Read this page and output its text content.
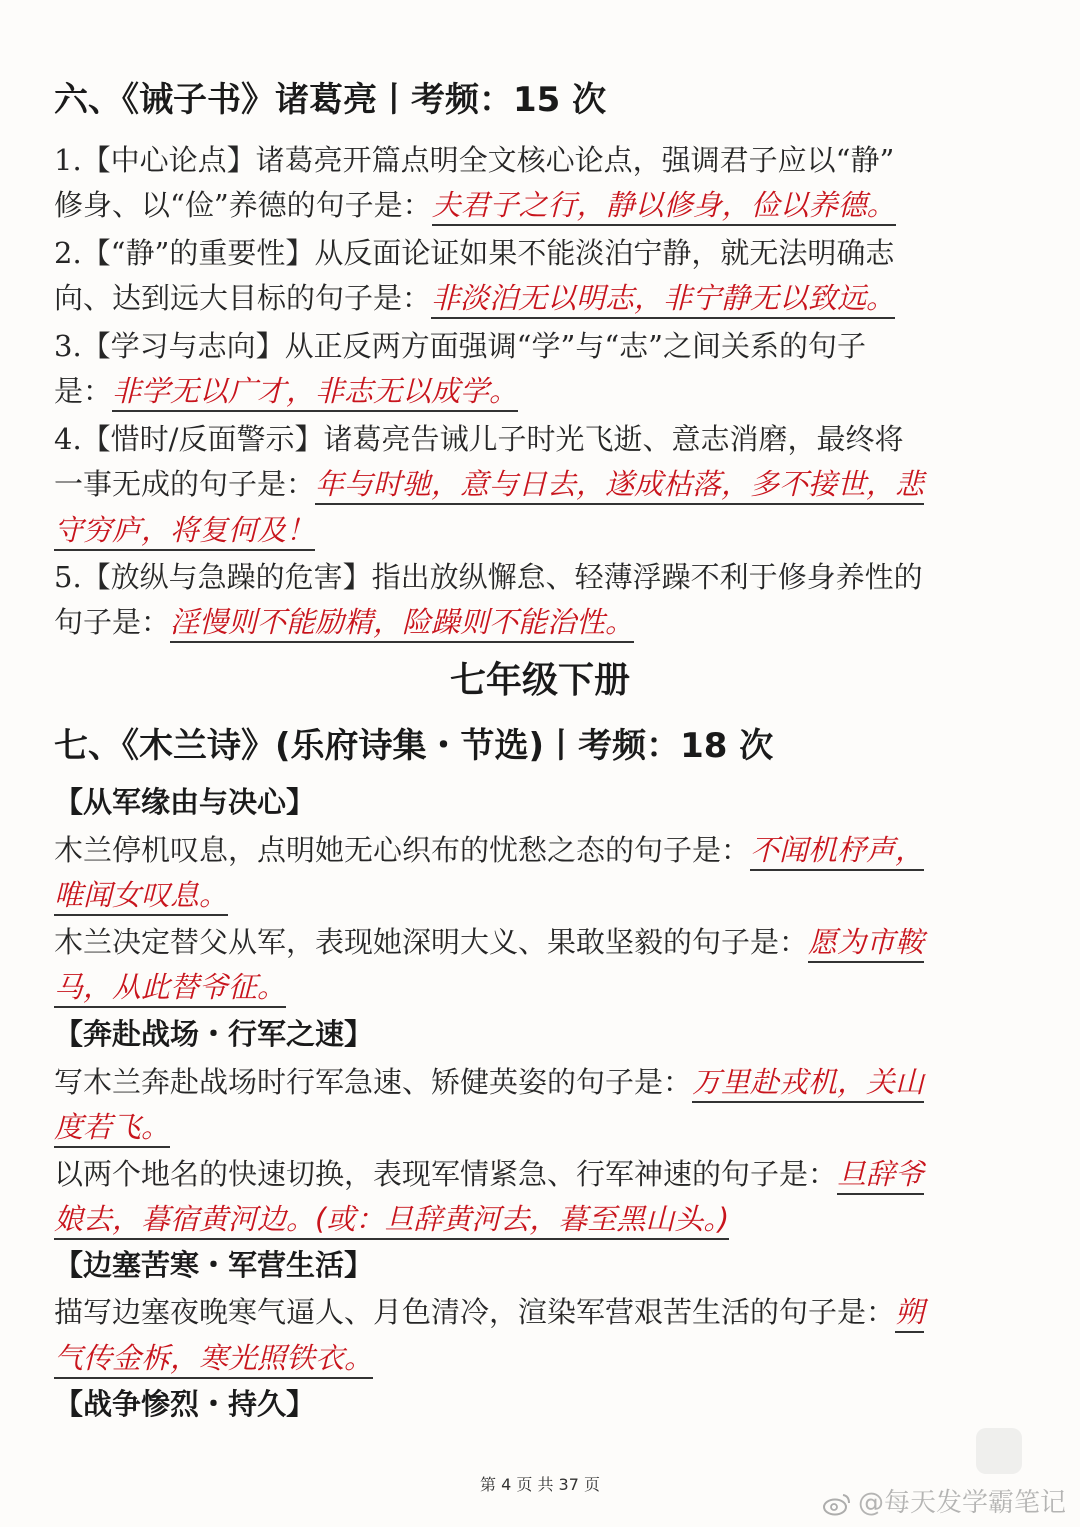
六、《诫子书》诸葛亮丨考频：15 次
1.【中心论点】诸葛亮开篇点明全文核心论点，强调君子应以“静”
修身、以“俭”养德的句子是：夫君子之行，静以修身，俭以养德。
2.【“静”的重要性】从反面论证如果不能淡泊宁静，就无法明确志
向、达到远大目标的句子是：非淡泊无以明志，非宁静无以致远。
3.【学习与志向】从正反两方面强调“学”与“志”之间关系的句子
是：非学无以广才，非志无以成学。
4.【惜时/反面警示】诸葛亮告诫儿子时光飞逝、意志消磨，最终将
一事无成的句子是：年与时驰，意与日去，遂成枯落，多不接世，悲
守穷庐，将复何及！
5.【放纵与急躁的危害】指出放纵懈怠、轻薄浮躁不利于修身养性的
句子是：淫慢则不能励精，险躁则不能治性。
七年级下册
七、《木兰诗》(乐府诗集・节选)丨考频：18 次
【从军缘由与决心】
木兰停机叹息，点明她无心织布的忧愁之态的句子是：不闻机杼声，
唯闻女叹息。
木兰决定替父从军，表现她深明大义、果敢坚毅的句子是：愿为市鞍
马，从此替爷征。
【奔赴战场・行军之速】
写木兰奔赴战场时行军急速、矫健英姿的句子是：万里赴戎机，关山
度若飞。
以两个地名的快速切换，表现军情紧急、行军神速的句子是：旦辞爷
娘去，暮宿黄河边。(或：旦辞黄河去，暮至黑山头。)
【边塞苦寒・军营生活】
描写边塞夜晚寒气逼人、月色清冷，渲染军营艰苦生活的句子是：朔
气传金柝，寒光照铁衣。
【战争惨烈・持久】
第 4 页 共 37 页
@每天发学霸笔记
